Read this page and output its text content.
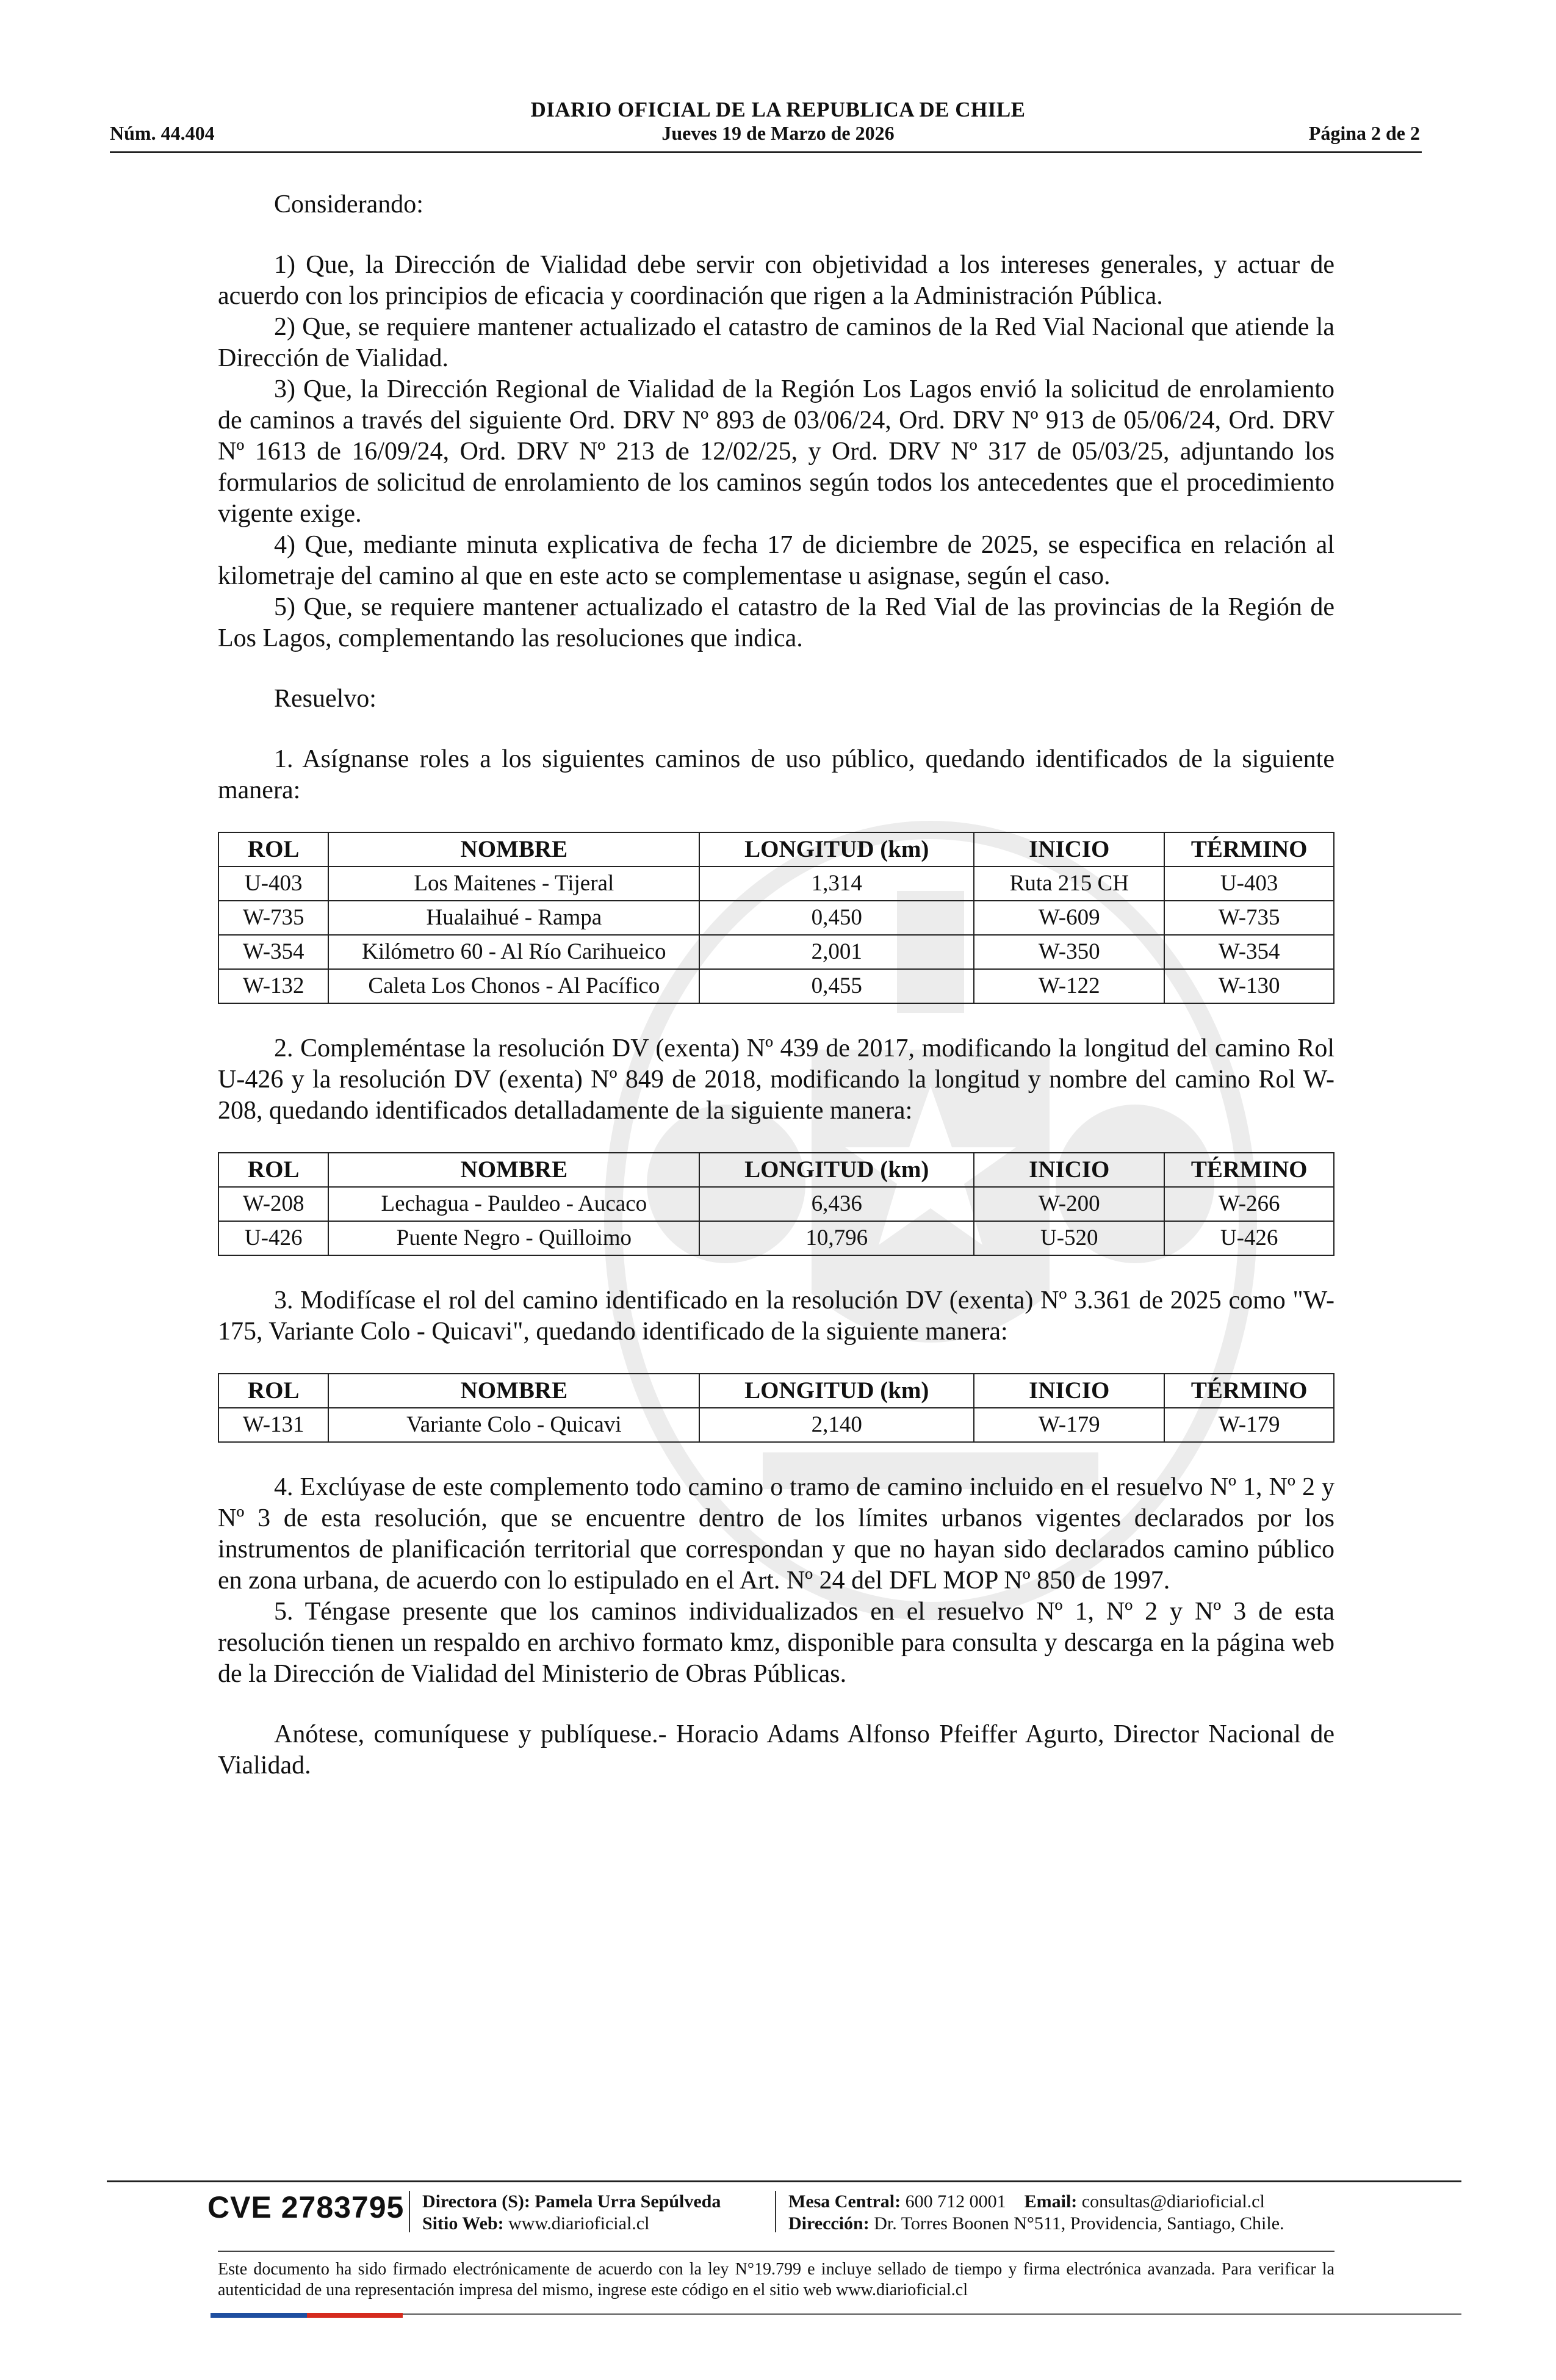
Núm. 44.404
DIARIO OFICIAL DE LA REPUBLICA DE CHILE
Jueves 19 de Marzo de 2026	Página 2 de 2

Considerando:

1) Que, la Dirección de Vialidad debe servir con objetividad a los intereses generales, y actuar de acuerdo con los principios de eficacia y coordinación que rigen a la Administración Pública.

2) Que, se requiere mantener actualizado el catastro de caminos de la Red Vial Nacional que atiende la Dirección de Vialidad.

3) Que, la Dirección Regional de Vialidad de la Región Los Lagos envió la solicitud de enrolamiento de caminos a través del siguiente Ord. DRV Nº 893 de 03/06/24, Ord. DRV Nº 913 de 05/06/24, Ord. DRV Nº 1613 de 16/09/24, Ord. DRV Nº 213 de 12/02/25, y Ord. DRV Nº 317 de 05/03/25, adjuntando los formularios de solicitud de enrolamiento de los caminos según todos los antecedentes que el procedimiento vigente exige.

4) Que, mediante minuta explicativa de fecha 17 de diciembre de 2025, se especifica en relación al kilometraje del camino al que en este acto se complementase u asignase, según el caso.

5) Que, se requiere mantener actualizado el catastro de la Red Vial de las provincias de la Región de Los Lagos, complementando las resoluciones que indica.

Resuelvo:

1. Asígnanse roles a los siguientes caminos de uso público, quedando identificados de la siguiente manera:

ROL	NOMBRE	LONGITUD (km)	INICIO	TÉRMINO
U-403	Los Maitenes - Tijeral	1,314	Ruta 215 CH	U-403
W-735	Hualaihué - Rampa	0,450	W-609	W-735
W-354	Kilómetro 60 - Al Río Carihueico	2,001	W-350	W-354
W-132	Caleta Los Chonos - Al Pacífico	0,455	W-122	W-130

2. Compleméntase la resolución DV (exenta) Nº 439 de 2017, modificando la longitud del camino Rol U-426 y la resolución DV (exenta) Nº 849 de 2018, modificando la longitud y nombre del camino Rol W-208, quedando identificados detalladamente de la siguiente manera:

ROL	NOMBRE	LONGITUD (km)	INICIO	TÉRMINO
W-208	Lechagua - Pauldeo - Aucaco	6,436	W-200	W-266
U-426	Puente Negro - Quilloimo	10,796	U-520	U-426

3. Modifícase el rol del camino identificado en la resolución DV (exenta) Nº 3.361 de 2025 como "W-175, Variante Colo - Quicavi", quedando identificado de la siguiente manera:

ROL	NOMBRE	LONGITUD (km)	INICIO	TÉRMINO
W-131	Variante Colo - Quicavi	2,140	W-179	W-179

4. Exclúyase de este complemento todo camino o tramo de camino incluido en el resuelvo Nº 1, Nº 2 y Nº 3 de esta resolución, que se encuentre dentro de los límites urbanos vigentes declarados por los instrumentos de planificación territorial que correspondan y que no hayan sido declarados camino público en zona urbana, de acuerdo con lo estipulado en el Art. Nº 24 del DFL MOP Nº 850 de 1997.

5. Téngase presente que los caminos individualizados en el resuelvo Nº 1, Nº 2 y Nº 3 de esta resolución tienen un respaldo en archivo formato kmz, disponible para consulta y descarga en la página web de la Dirección de Vialidad del Ministerio de Obras Públicas.

Anótese, comuníquese y publíquese.- Horacio Adams Alfonso Pfeiffer Agurto, Director Nacional de Vialidad.

CVE 2783795 Directora (S): Pamela Urra Sepúlveda
Sitio Web: www.diarioficial.cl
Mesa Central: 600 712 0001 Email: consultas@diarioficial.cl
Dirección: Dr. Torres Boonen N°511, Providencia, Santiago, Chile.
Este documento ha sido firmado electrónicamente de acuerdo con la ley N°19.799 e incluye sellado de tiempo y firma electrónica avanzada. Para verificar la autenticidad de una representación impresa del mismo, ingrese este código en el sitio web www.diarioficial.cl
